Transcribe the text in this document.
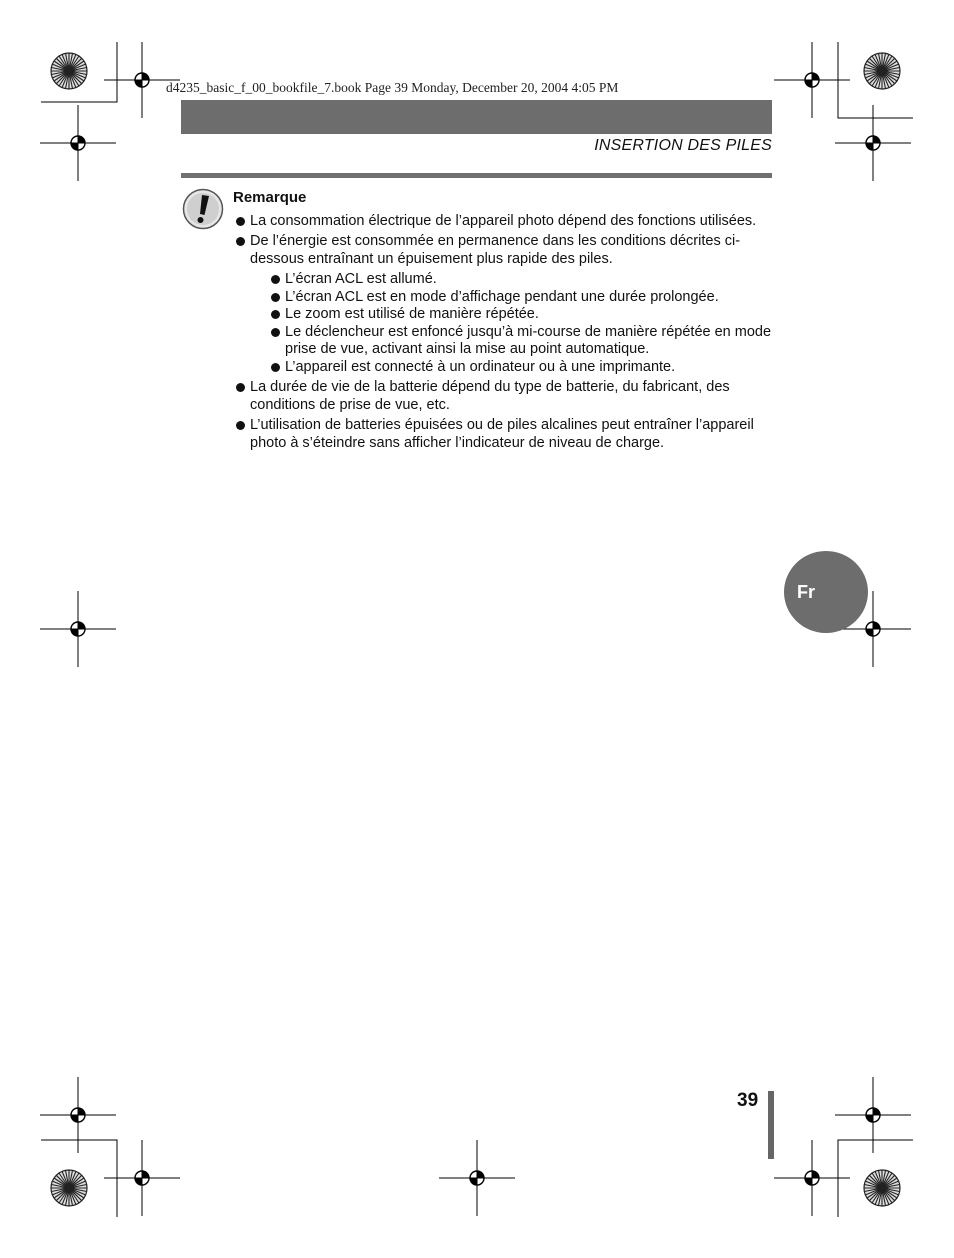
d4235_basic_f_00_bookfile_7.book Page 39 Monday, December 20, 2004 4:05 PM
INSERTION DES PILES
Remarque
La consommation électrique de l’appareil photo dépend des fonctions utilisées.
De l’énergie est consommée en permanence dans les conditions décrites ci-dessous entraînant un épuisement plus rapide des piles.
L’écran ACL est allumé.
L’écran ACL est en mode d’affichage pendant une durée prolongée.
Le zoom est utilisé de manière répétée.
Le déclencheur est enfoncé jusqu’à mi-course de manière répétée en mode prise de vue, activant ainsi la mise au point automatique.
L’appareil est connecté à un ordinateur ou à une imprimante.
La durée de vie de la batterie dépend du type de batterie, du fabricant, des conditions de prise de vue, etc.
L’utilisation de batteries épuisées ou de piles alcalines peut entraîner l’appareil photo à s’éteindre sans afficher l’indicateur de niveau de charge.
Fr
39
